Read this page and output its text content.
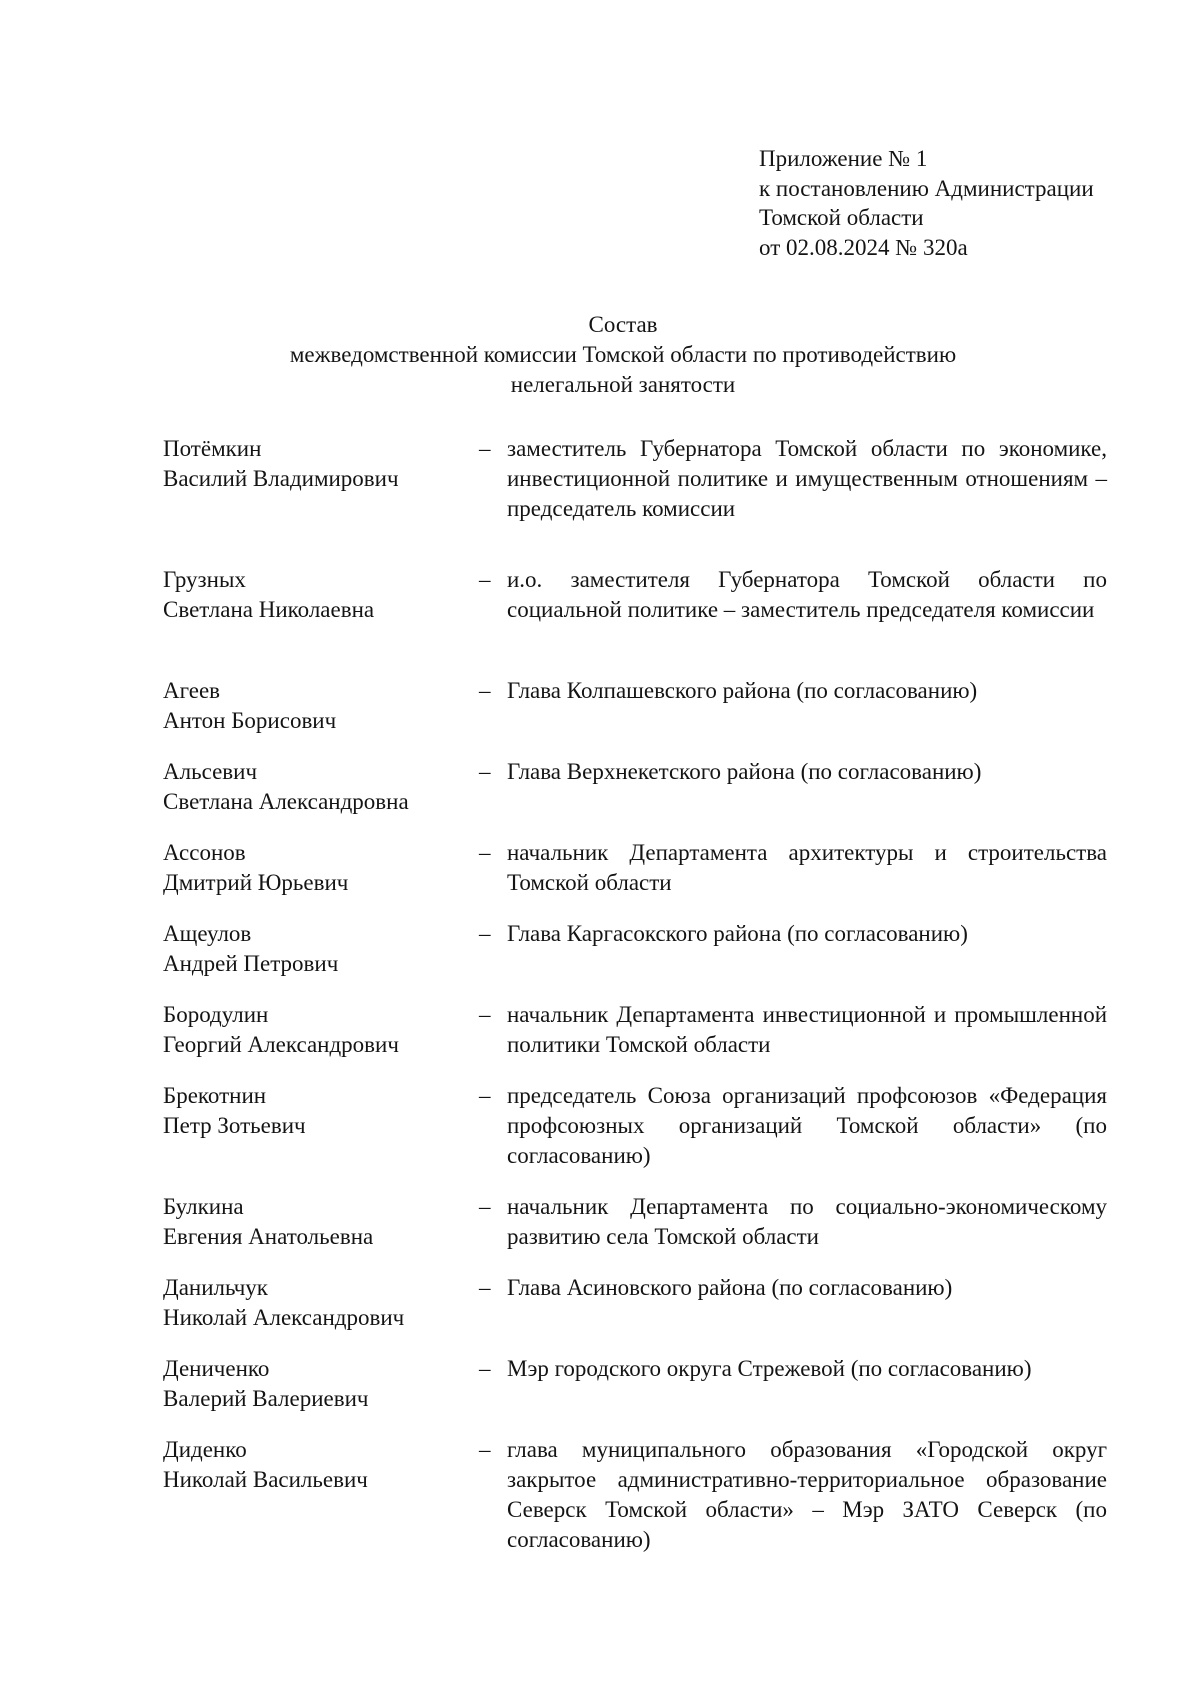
Приложение № 1
к постановлению Администрации
Томской области
от 02.08.2024 № 320а
Состав
межведомственной комиссии Томской области по противодействию
нелегальной занятости
Потёмкин
Василий Владимирович
– заместитель Губернатора Томской области по экономике, инвестиционной политике и имущественным отношениям – председатель комиссии
Грузных
Светлана Николаевна
– и.о. заместителя Губернатора Томской области по социальной политике – заместитель председателя комиссии
Агеев
Антон Борисович
– Глава Колпашевского района (по согласованию)
Альсевич
Светлана Александровна
– Глава Верхнекетского района (по согласованию)
Ассонов
Дмитрий Юрьевич
– начальник Департамента архитектуры и строительства Томской области
Ащеулов
Андрей Петрович
– Глава Каргасокского района (по согласованию)
Бородулин
Георгий Александрович
– начальник Департамента инвестиционной и промышленной политики Томской области
Брекотнин
Петр Зотьевич
– председатель Союза организаций профсоюзов «Федерация профсоюзных организаций Томской области» (по согласованию)
Булкина
Евгения Анатольевна
– начальник Департамента по социально-экономическому развитию села Томской области
Данильчук
Николай Александрович
– Глава Асиновского района (по согласованию)
Дениченко
Валерий Валериевич
– Мэр городского округа Стрежевой (по согласованию)
Диденко
Николай Васильевич
– глава муниципального образования «Городской округ закрытое административно-территориальное образование Северск Томской области» – Мэр ЗАТО Северск (по согласованию)
